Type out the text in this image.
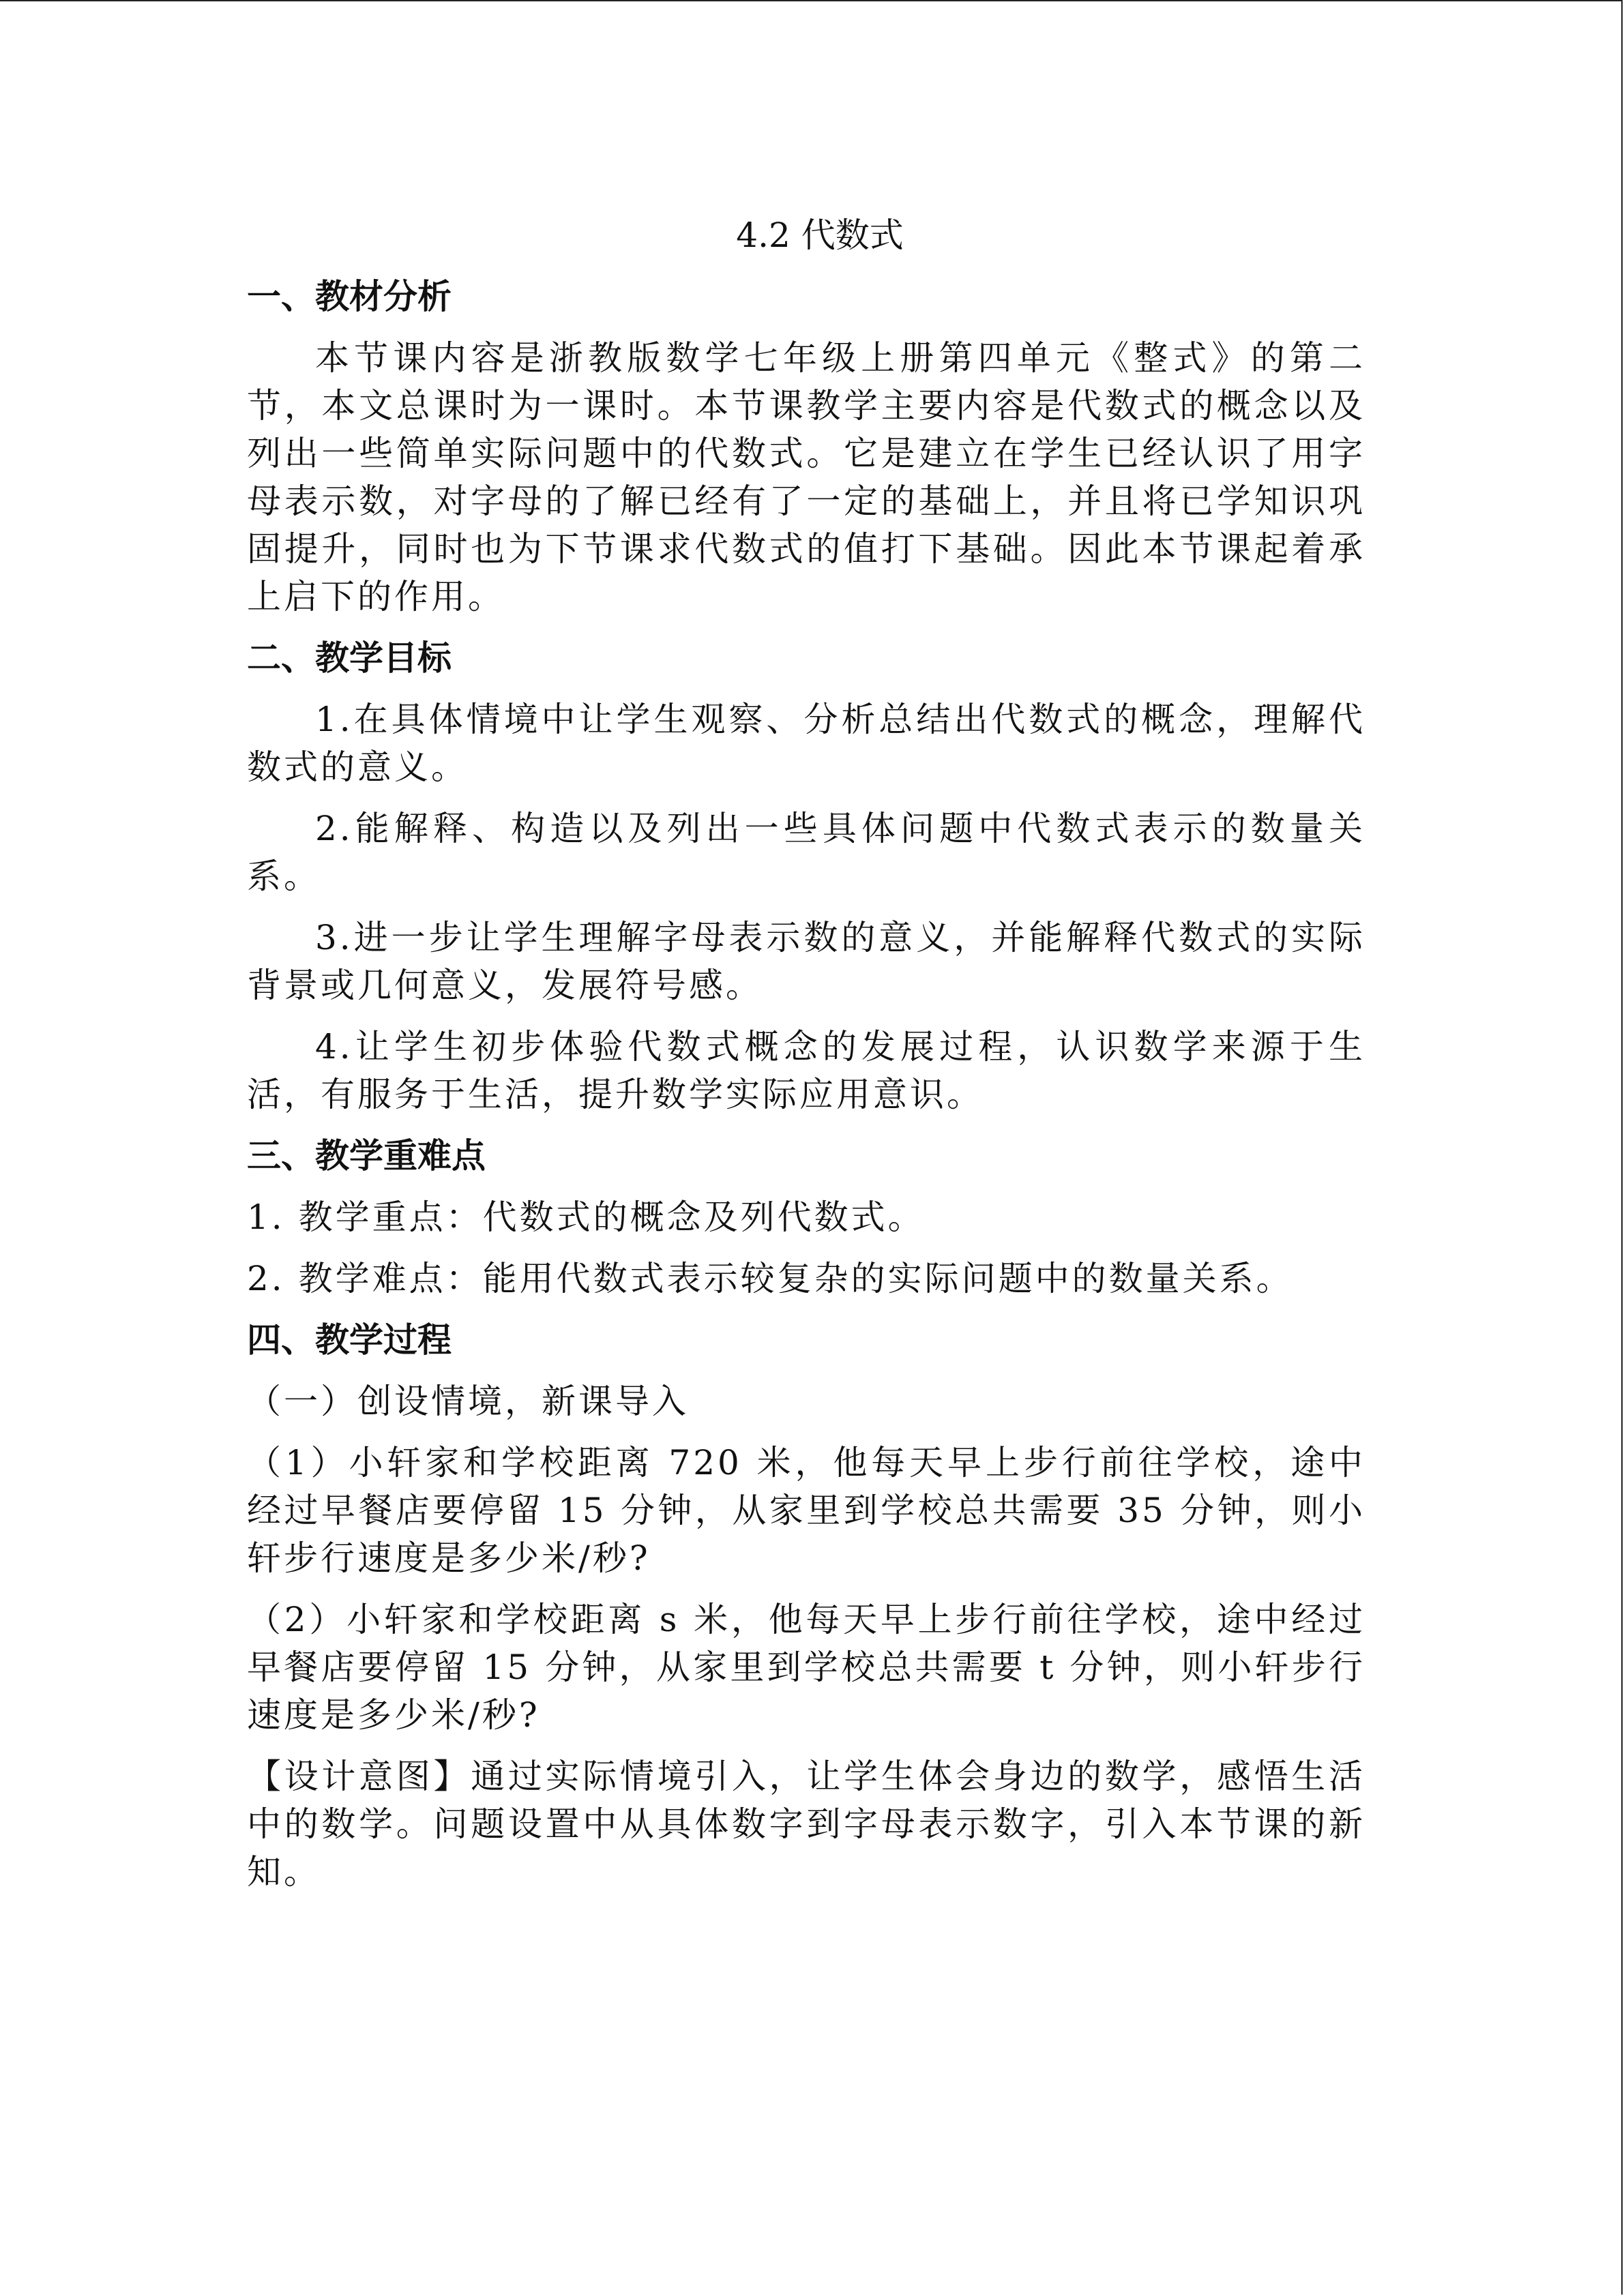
4.2 代数式
一、教材分析

本节课内容是浙教版数学七年级上册第四单元《整式》的第二节，本文总课时为一课时。本节课教学主要内容是代数式的概念以及列出一些简单实际问题中的代数式。它是建立在学生已经认识了用字母表示数，对字母的了解已经有了一定的基础上，并且将已学知识巩固提升，同时也为下节课求代数式的值打下基础。因此本节课起着承上启下的作用。

二、教学目标

1.在具体情境中让学生观察、分析总结出代数式的概念，理解代数式的意义。

2.能解释、构造以及列出一些具体问题中代数式表示的数量关系。

3.进一步让学生理解字母表示数的意义，并能解释代数式的实际背景或几何意义，发展符号感。

4.让学生初步体验代数式概念的发展过程，认识数学来源于生活，有服务于生活，提升数学实际应用意识。

三、教学重难点

1. 教学重点：代数式的概念及列代数式。

2. 教学难点：能用代数式表示较复杂的实际问题中的数量关系。

四、教学过程

（一）创设情境，新课导入

（1）小轩家和学校距离 720 米，他每天早上步行前往学校，途中经过早餐店要停留 15 分钟，从家里到学校总共需要 35 分钟，则小轩步行速度是多少米/秒?

（2）小轩家和学校距离 s 米，他每天早上步行前往学校，途中经过早餐店要停留 15 分钟，从家里到学校总共需要 t 分钟，则小轩步行速度是多少米/秒?

【设计意图】通过实际情境引入，让学生体会身边的数学，感悟生活中的数学。问题设置中从具体数字到字母表示数字，引入本节课的新知。
